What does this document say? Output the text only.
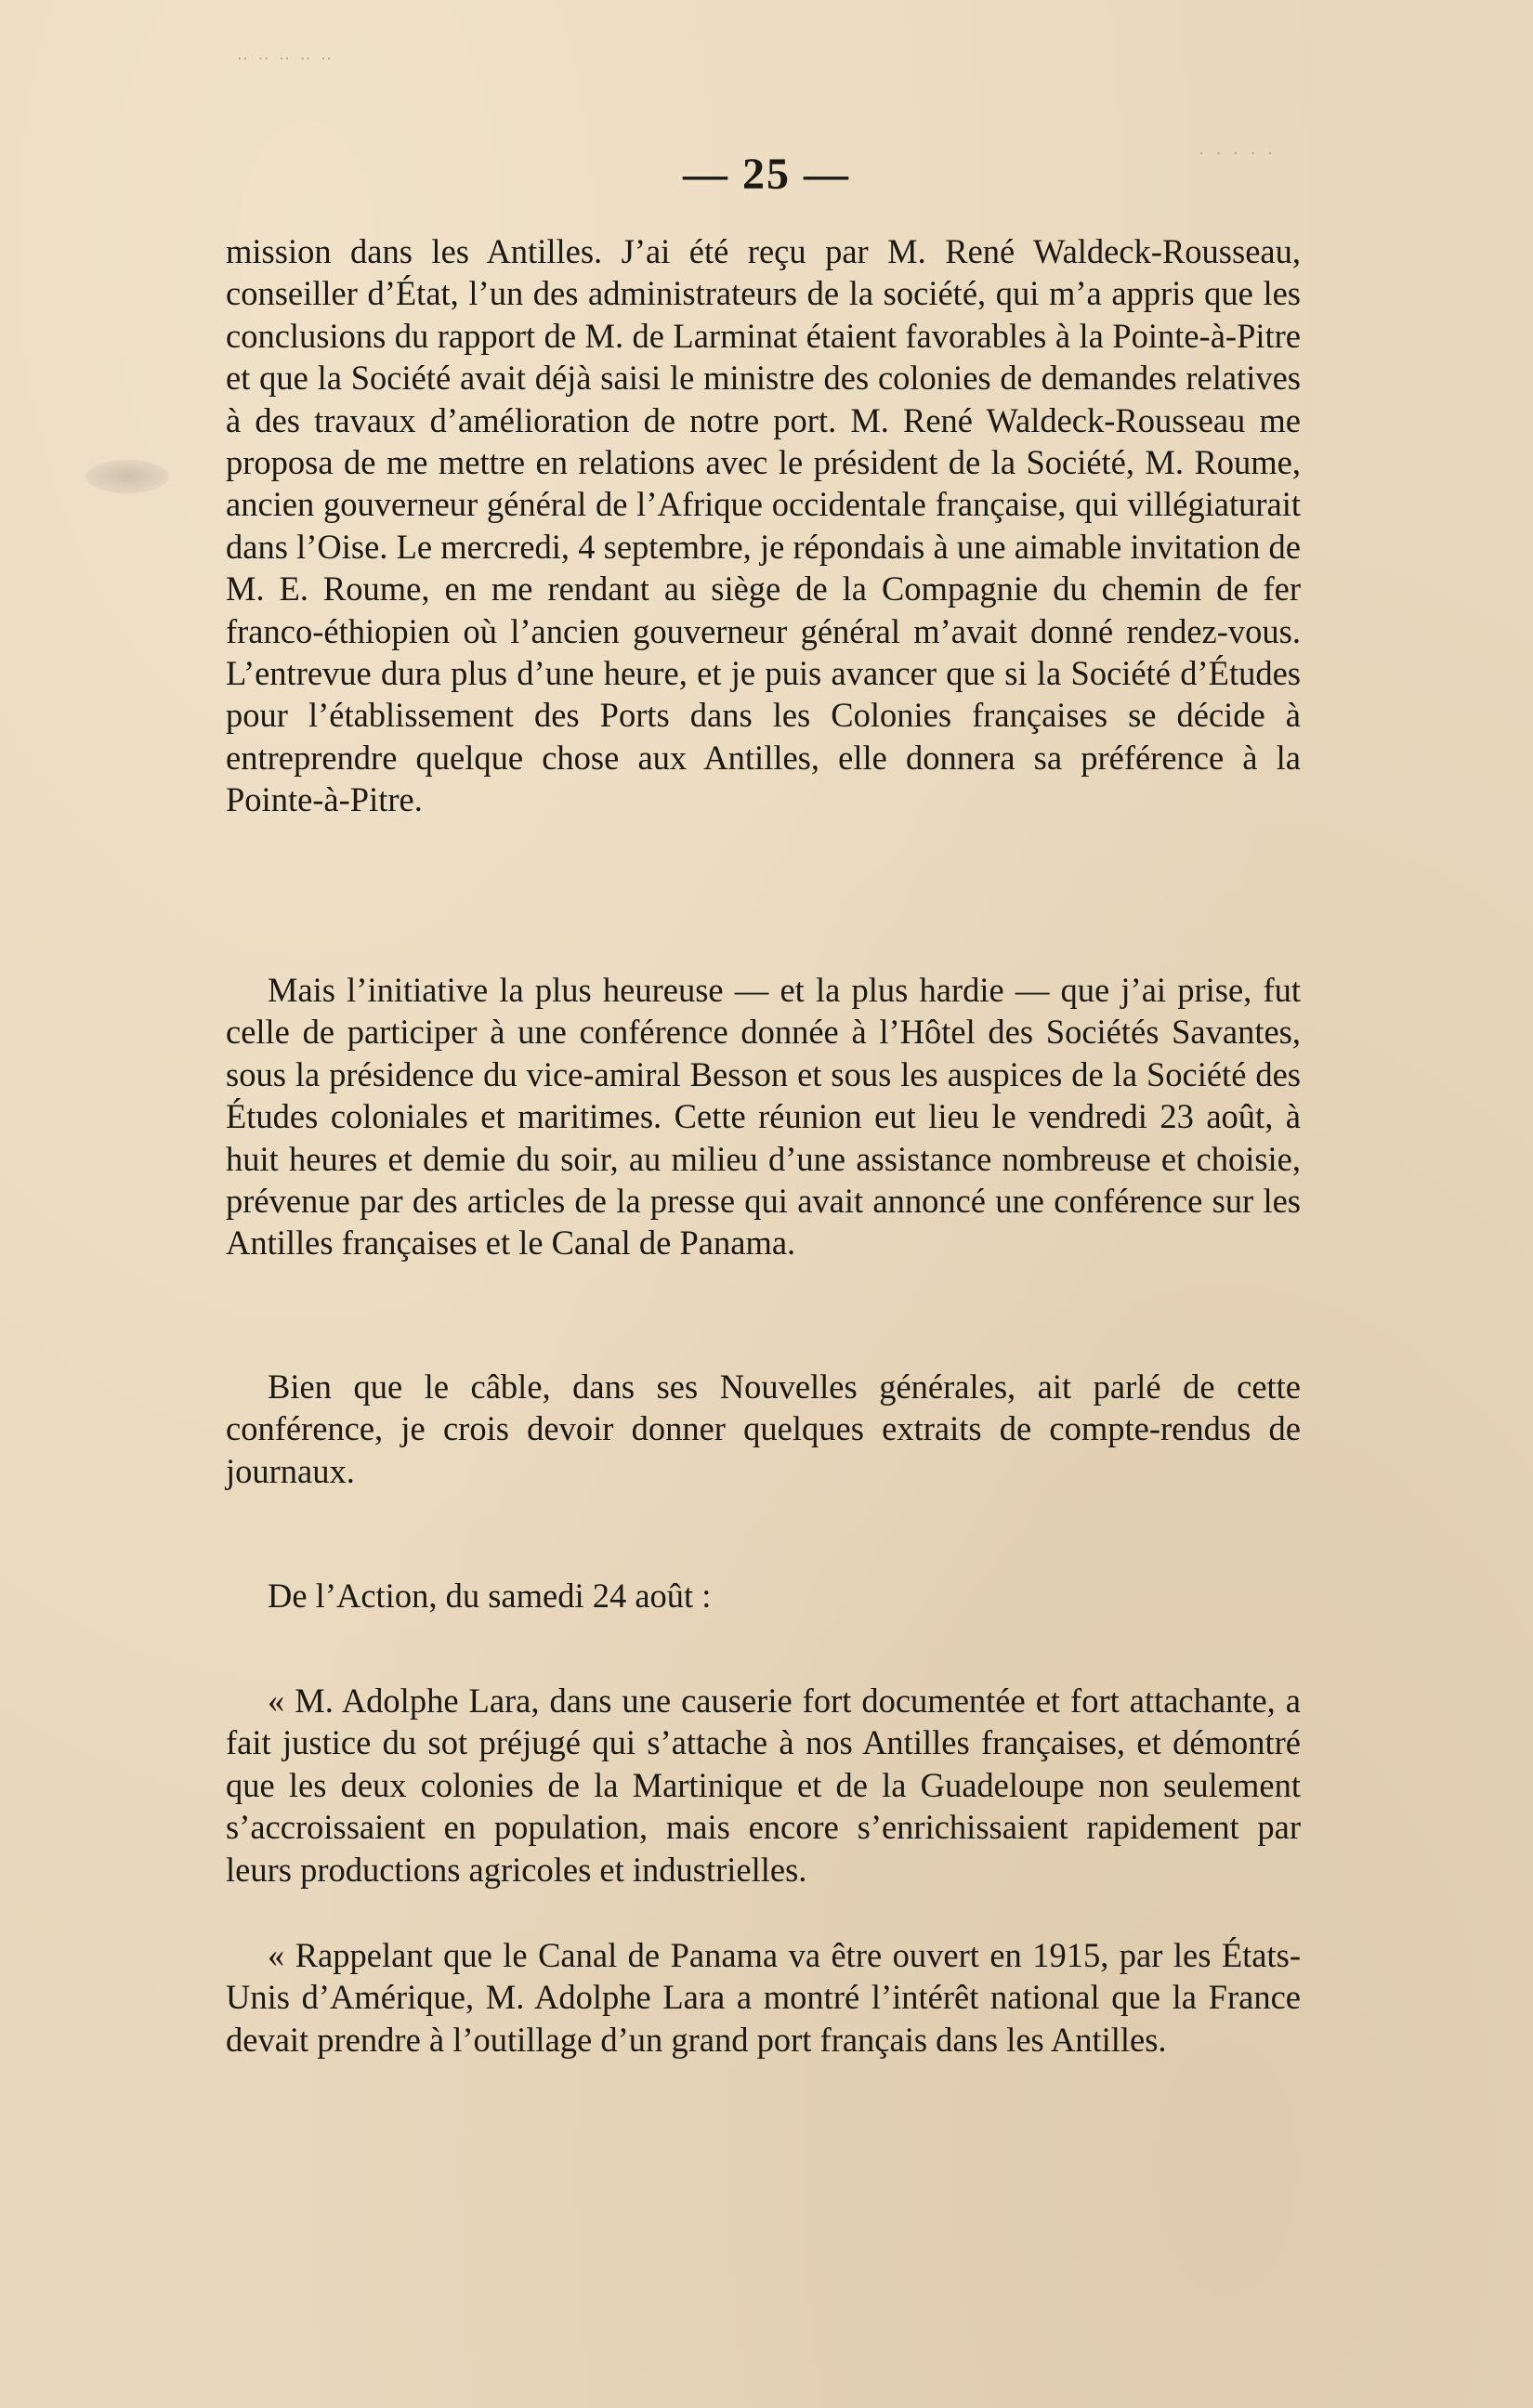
‥ ‥ ‥ ‥ ‥
· · · · ·
— 25 —

mission dans les Antilles. J’ai été reçu par M. René Waldeck-Rousseau, conseiller d’État, l’un des administrateurs de la société, qui m’a appris que les conclusions du rapport de M. de Larminat étaient favorables à la Pointe-à-Pitre et que la Société avait déjà saisi le ministre des colonies de demandes relatives à des travaux d’amélioration de notre port. M. René Waldeck-Rousseau me proposa de me mettre en relations avec le président de la Société, M. Roume, ancien gouverneur général de l’Afrique occidentale française, qui villégiaturait dans l’Oise. Le mercredi, 4 septembre, je répondais à une aimable invitation de M. E. Roume, en me rendant au siège de la Compagnie du chemin de fer franco-éthiopien où l’ancien gouverneur général m’avait donné rendez-vous. L’entrevue dura plus d’une heure, et je puis avancer que si la Société d’Études pour l’établissement des Ports dans les Colonies françaises se décide à entreprendre quelque chose aux Antilles, elle donnera sa préférence à la Pointe-à-Pitre.

Mais l’initiative la plus heureuse — et la plus hardie — que j’ai prise, fut celle de participer à une conférence donnée à l’Hôtel des Sociétés Savantes, sous la présidence du vice-amiral Besson et sous les auspices de la Société des Études coloniales et maritimes. Cette réunion eut lieu le vendredi 23 août, à huit heures et demie du soir, au milieu d’une assistance nombreuse et choisie, prévenue par des articles de la presse qui avait annoncé une conférence sur les Antilles françaises et le Canal de Panama.

Bien que le câble, dans ses Nouvelles générales, ait parlé de cette conférence, je crois devoir donner quelques extraits de compte-rendus de journaux.

De l’Action, du samedi 24 août :

« M. Adolphe Lara, dans une causerie fort documentée et fort attachante, a fait justice du sot préjugé qui s’attache à nos Antilles françaises, et démontré que les deux colonies de la Martinique et de la Guadeloupe non seulement s’accroissaient en population, mais encore s’enrichissaient rapidement par leurs productions agricoles et industrielles.

« Rappelant que le Canal de Panama va être ouvert en 1915, par les États-Unis d’Amérique, M. Adolphe Lara a montré l’intérêt national que la France devait prendre à l’outillage d’un grand port français dans les Antilles.
